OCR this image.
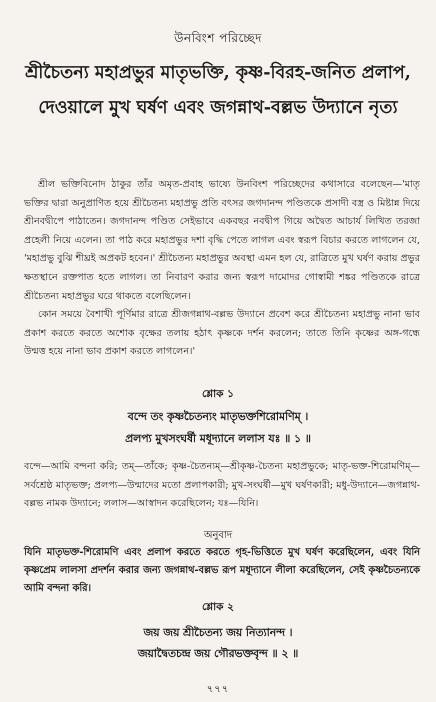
উনবিংশ পরিচ্ছেদ
শ্রীচৈতন্য মহাপ্রভুর মাতৃভক্তি, কৃষ্ণ-বিরহ-জনিত প্রলাপ, দেওয়ালে মুখ ঘর্ষণ এবং জগন্নাথ-বল্লভ উদ্যানে নৃত্য
শ্রীল ভক্তিবিনোদ ঠাকুর তাঁর অমৃত-প্রবাহ ভাষ্যে উনবিংশ পরিচ্ছেদের কথাসারে বলেছেন—'মাতৃ ভক্তির দ্বারা অনুপ্রাণিত হয়ে শ্রীচৈতন্য মহাপ্রভু প্রতি বৎসর জগদানন্দ পণ্ডিতকে প্রসাদী বস্ত্র ও মিষ্টান্ন দিয়ে শ্রীনবদ্বীপে পাঠাতেন। জগদানন্দ পণ্ডিত সেইভাবে একবছর নবদ্বীপ গিয়ে অদ্বৈত আচার্য লিখিত তরজা প্রহেলী নিয়ে এলেন। তা পাঠ করে মহাপ্রভুর দশা বৃদ্ধি পেতে লাগল এবং স্বরূপ বিচার করতে লাগলেন যে, 'মহাপ্রভু বুঝি শীঘ্রই অপ্রকট হবেন।' শ্রীচৈতন্য মহাপ্রভুর অবস্থা এমন হল যে, রাত্রিতে মুখ ঘর্ষণ করায় প্রভুর ক্ষতস্থানে রক্তপাত হতে লাগল। তা নিবারণ করার জন্য স্বরূপ দামোদর গোস্বামী শঙ্কর পণ্ডিতকে রাত্রে শ্রীচৈতন্য মহাপ্রভুর ঘরে থাকতে বলেছিলেন।
কোন সময়ে বৈশাখী পূর্ণিমার রাত্রে শ্রীজগন্নাথ-বল্লভ উদ্যানে প্রবেশ করে শ্রীচৈতন্য মহাপ্রভু নানা ভাব প্রকাশ করতে করতে অশোক বৃক্ষের তলায় হঠাৎ কৃষ্ণকে দর্শন করলেন; তাতে তিনি কৃষ্ণের অঙ্গ-গন্ধে উন্মত্ত হয়ে নানা ভাব প্রকাশ করতে লাগলেন।'
শ্লোক ১
বন্দে তং কৃষ্ণচৈতন্যং মাতৃভক্তশিরোমণিম্ ।
প্রলপ্য মুখসংঘর্ষী মধূদ্যানে ললাস যঃ ॥ ১ ॥
বন্দে—আমি বন্দনা করি; তম্—তাঁকে; কৃষ্ণ-চৈতন্যম্—শ্রীকৃষ্ণ-চৈতন্য মহাপ্রভুকে; মাতৃ-ভক্ত-শিরোমণিম্—সর্বশ্রেষ্ঠ মাতৃভক্ত; প্রলপ্য—উন্মাদের মতো প্রলাপকারী; মুখ-সংঘর্ষী—মুখ ঘর্ষণকারী; মধু-উদ্যানে—জগন্নাথ-বল্লভ নামক উদ্যানে; ললাস—আস্বাদন করেছিলেন; যঃ—যিনি।
অনুবাদ
যিনি মাতৃভক্ত-শিরোমণি এবং প্রলাপ করতে করতে গৃহ-ভিত্তিতে মুখ ঘর্ষণ করেছিলেন, এবং যিনি কৃষ্ণপ্রেম লালসা প্রদর্শন করার জন্য জগন্নাথ-বল্লভ রূপ মধূদ্যানে লীলা করেছিলেন, সেই কৃষ্ণচৈতন্যকে আমি বন্দনা করি।
শ্লোক ২
জয় জয় শ্রীচৈতন্য জয় নিত্যানন্দ ।
জয়াদ্বৈতচন্দ্র জয় গৌরভক্তবৃন্দ ॥ ২ ॥
৭৭৭
